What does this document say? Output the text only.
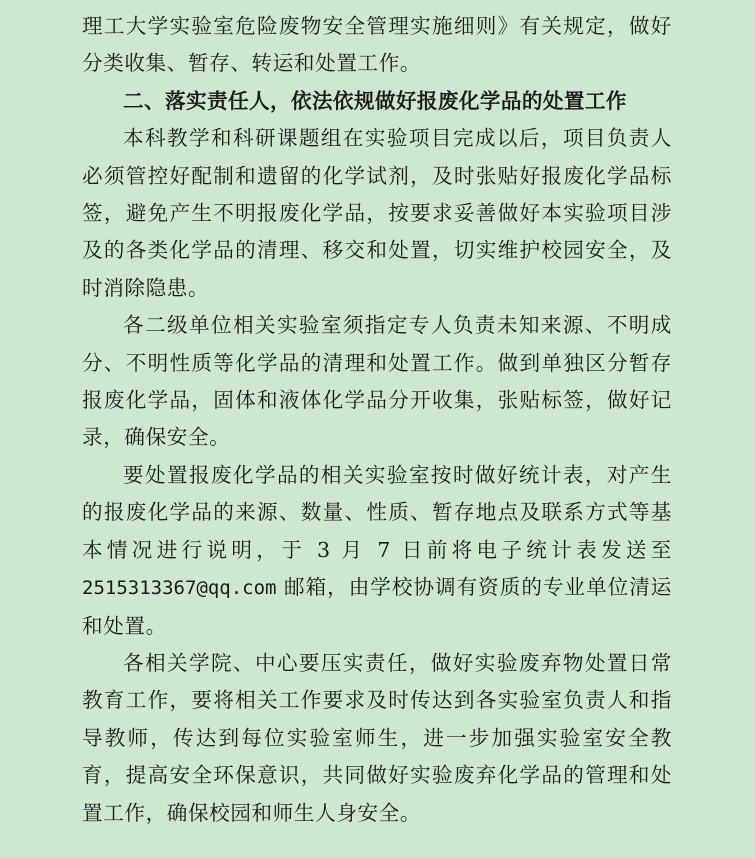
理工大学实验室危险废物安全管理实施细则》有关规定，做好分类收集、暂存、转运和处置工作。

二、落实责任人，依法依规做好报废化学品的处置工作

本科教学和科研课题组在实验项目完成以后，项目负责人必须管控好配制和遗留的化学试剂，及时张贴好报废化学品标签，避免产生不明报废化学品，按要求妥善做好本实验项目涉及的各类化学品的清理、移交和处置，切实维护校园安全，及时消除隐患。

各二级单位相关实验室须指定专人负责未知来源、不明成分、不明性质等化学品的清理和处置工作。做到单独区分暂存报废化学品，固体和液体化学品分开收集，张贴标签，做好记录，确保安全。

要处置报废化学品的相关实验室按时做好统计表，对产生的报废化学品的来源、数量、性质、暂存地点及联系方式等基本情况进行说明，于 3 月 7 日前将电子统计表发送至2515313367@qq.com 邮箱，由学校协调有资质的专业单位清运和处置。

各相关学院、中心要压实责任，做好实验废弃物处置日常教育工作，要将相关工作要求及时传达到各实验室负责人和指导教师，传达到每位实验室师生，进一步加强实验室安全教育，提高安全环保意识，共同做好实验废弃化学品的管理和处置工作，确保校园和师生人身安全。
